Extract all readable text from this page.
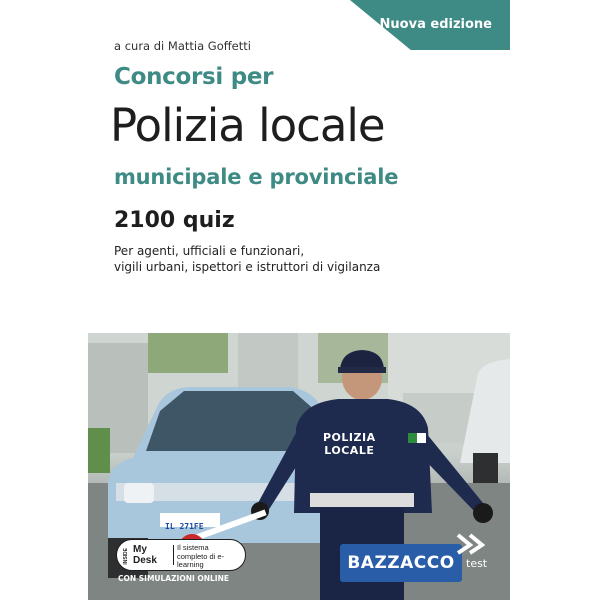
Nuova edizione
a cura di Mattia Goffetti
Concorsi per
Polizia locale
municipale e provinciale
2100 quiz
Per agenti, ufficiali e funzionari,
vigili urbani, ispettori e istruttori di vigilanza
POLIZIA
LOCALE
IL 271FE
INSIDE My
Desk
Il sistema completo di e-learning
CON SIMULAZIONI ONLINE
BAZZACCO	test
